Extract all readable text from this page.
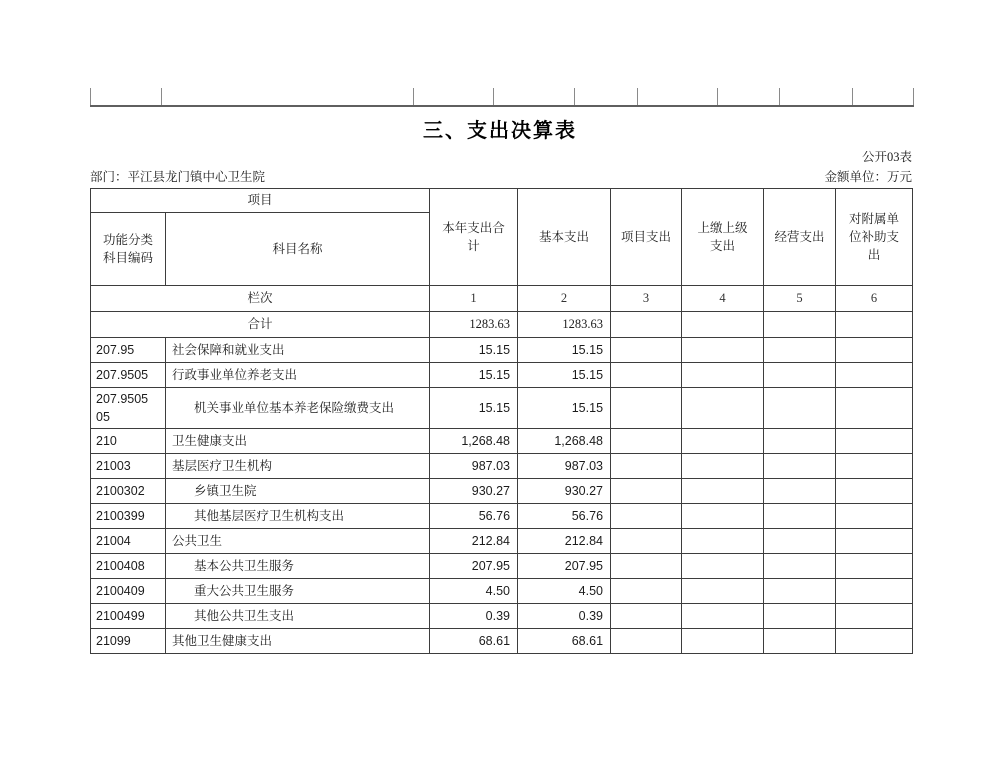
三、支出决算表
公开03表
部门：平江县龙门镇中心卫生院	金额单位：万元
项目		本年支出合计	基本支出	项目支出	上缴上级支出	经营支出	对附属单位补助支出
功能分类科目编码	科目名称						
栏次		1	2	3	4	5	6
合计		1283.63	1283.63				
207.95	社会保障和就业支出	15.15	15.15				
207.9505	行政事业单位养老支出	15.15	15.15				
207.950505	机关事业单位基本养老保险缴费支出	15.15	15.15				
210	卫生健康支出	1,268.48	1,268.48				
21003	基层医疗卫生机构	987.03	987.03				
2100302	乡镇卫生院	930.27	930.27				
2100399	其他基层医疗卫生机构支出	56.76	56.76				
21004	公共卫生	212.84	212.84				
2100408	基本公共卫生服务	207.95	207.95				
2100409	重大公共卫生服务	4.50	4.50				
2100499	其他公共卫生支出	0.39	0.39				
21099	其他卫生健康支出	68.61	68.61				
